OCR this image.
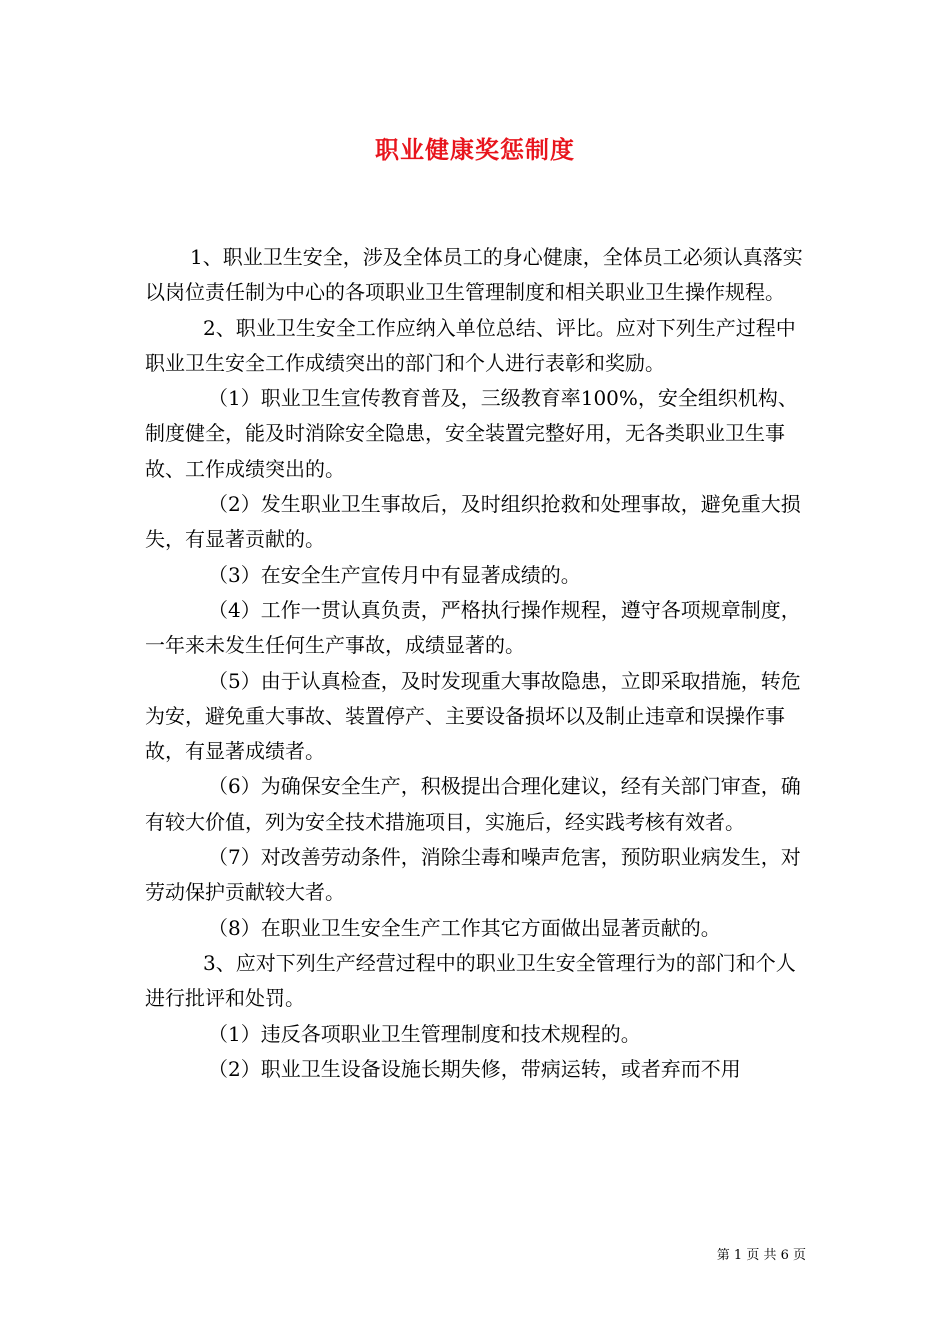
职业健康奖惩制度

1、职业卫生安全，涉及全体员工的身心健康，全体员工必须认真落实以岗位责任制为中心的各项职业卫生管理制度和相关职业卫生操作规程。

2、职业卫生安全工作应纳入单位总结、评比。应对下列生产过程中职业卫生安全工作成绩突出的部门和个人进行表彰和奖励。

（1）职业卫生宣传教育普及，三级教育率100%，安全组织机构、制度健全，能及时消除安全隐患，安全装置完整好用，无各类职业卫生事故、工作成绩突出的。

（2）发生职业卫生事故后，及时组织抢救和处理事故，避免重大损失，有显著贡献的。

（3）在安全生产宣传月中有显著成绩的。

（4）工作一贯认真负责，严格执行操作规程，遵守各项规章制度，一年来未发生任何生产事故，成绩显著的。

（5）由于认真检查，及时发现重大事故隐患，立即采取措施，转危为安，避免重大事故、装置停产、主要设备损坏以及制止违章和误操作事故，有显著成绩者。

（6）为确保安全生产，积极提出合理化建议，经有关部门审查，确有较大价值，列为安全技术措施项目，实施后，经实践考核有效者。

（7）对改善劳动条件，消除尘毒和噪声危害，预防职业病发生，对劳动保护贡献较大者。

（8）在职业卫生安全生产工作其它方面做出显著贡献的。

3、应对下列生产经营过程中的职业卫生安全管理行为的部门和个人进行批评和处罚。

（1）违反各项职业卫生管理制度和技术规程的。

（2）职业卫生设备设施长期失修，带病运转，或者弃而不用

第 1 页 共 6 页
